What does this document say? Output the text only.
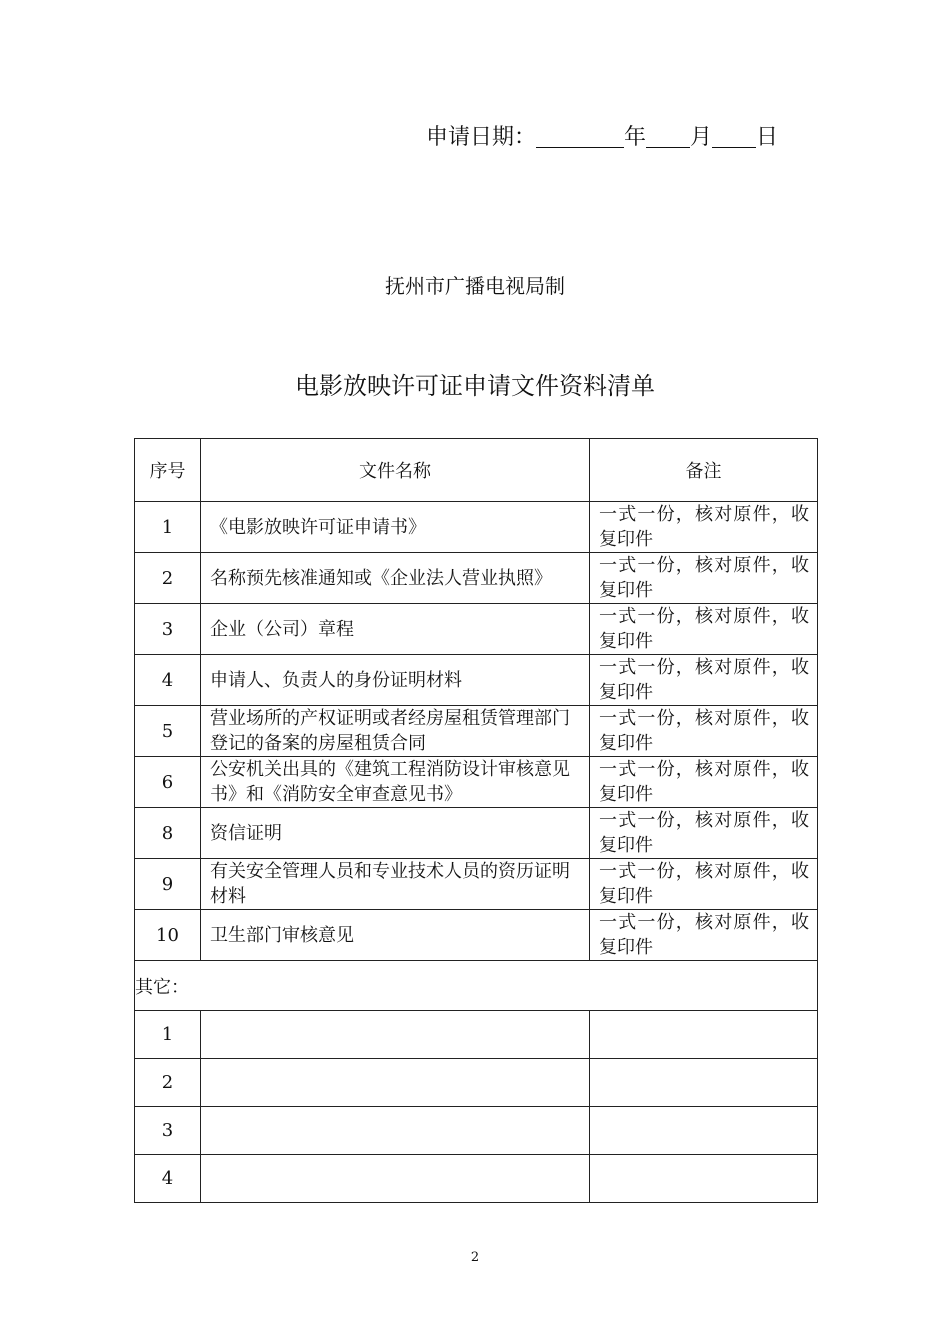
申请日期：	年 月 日
抚州市广播电视局制
电影放映许可证申请文件资料清单
序号	文件名称	备注
1	《电影放映许可证申请书》	一式一份，核对原件，收复印件
2	名称预先核准通知或《企业法人营业执照》	一式一份，核对原件，收复印件
3	企业（公司）章程	一式一份，核对原件，收复印件
4	申请人、负责人的身份证明材料	一式一份，核对原件，收复印件
5	营业场所的产权证明或者经房屋租赁管理部门登记的备案的房屋租赁合同	一式一份，核对原件，收复印件
6	公安机关出具的《建筑工程消防设计审核意见书》和《消防安全审查意见书》	一式一份，核对原件，收复印件
8	资信证明	一式一份，核对原件，收复印件
9	有关安全管理人员和专业技术人员的资历证明材料	一式一份，核对原件，收复印件
10	卫生部门审核意见	一式一份，核对原件，收复印件
其它：		
1		
2		
3		
4		
2
